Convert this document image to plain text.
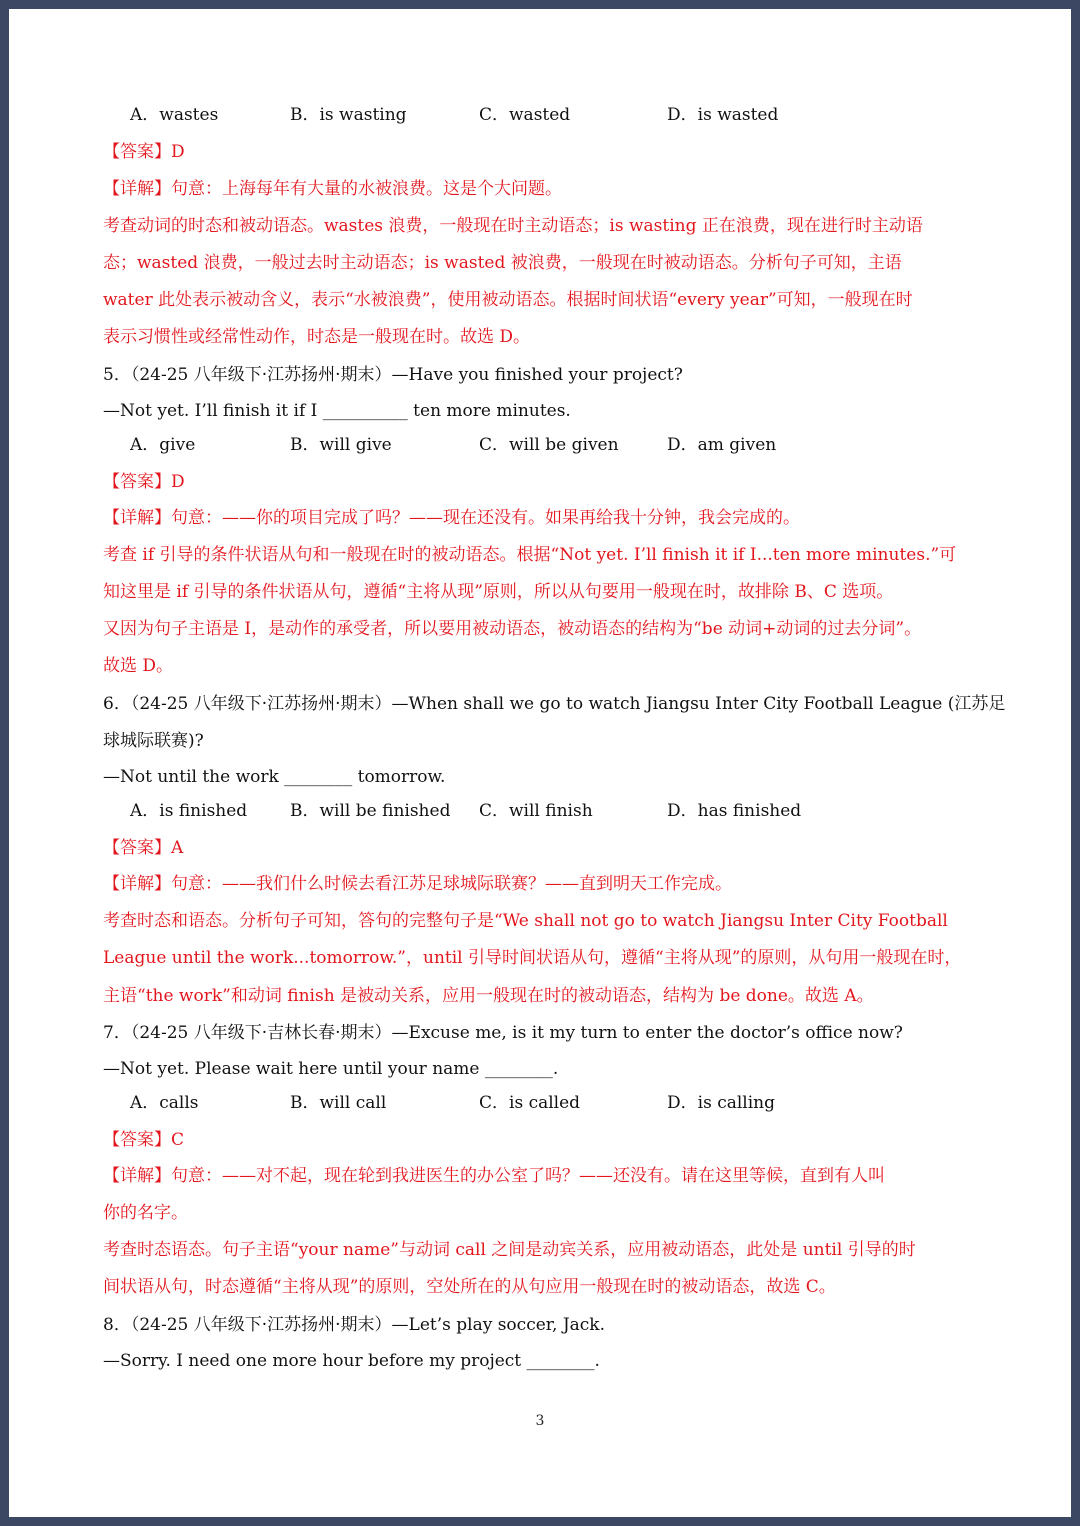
A．wastes	B．is wasting	C．wasted	D．is wasted
【答案】D
【详解】句意：上海每年有大量的水被浪费。这是个大问题。
考查动词的时态和被动语态。wastes 浪费，一般现在时主动语态；is wasting 正在浪费，现在进行时主动语
态；wasted 浪费，一般过去时主动语态；is wasted 被浪费，一般现在时被动语态。分析句子可知，主语
water 此处表示被动含义，表示“水被浪费”，使用被动语态。根据时间状语“every year”可知，一般现在时
表示习惯性或经常性动作，时态是一般现在时。故选 D。
5．（24-25 八年级下·江苏扬州·期末）—Have you finished your project?
—Not yet. I’ll finish it if I __________ ten more minutes.
A．give	B．will give	C．will be given	D．am given
【答案】D
【详解】句意：——你的项目完成了吗？——现在还没有。如果再给我十分钟，我会完成的。
考查 if 引导的条件状语从句和一般现在时的被动语态。根据“Not yet. I’ll finish it if I...ten more minutes.”可
知这里是 if 引导的条件状语从句，遵循“主将从现”原则，所以从句要用一般现在时，故排除 B、C 选项。
又因为句子主语是 I，是动作的承受者，所以要用被动语态，被动语态的结构为“be 动词+动词的过去分词”。
故选 D。
6．（24-25 八年级下·江苏扬州·期末）—When shall we go to watch Jiangsu Inter City Football League (江苏足
球城际联赛)?
—Not until the work ________ tomorrow.
A．is finished	B．will be finished C．will finish	D．has finished
【答案】A
【详解】句意：——我们什么时候去看江苏足球城际联赛？——直到明天工作完成。
考查时态和语态。分析句子可知，答句的完整句子是“We shall not go to watch Jiangsu Inter City Football
League until the work...tomorrow.”，until 引导时间状语从句，遵循“主将从现”的原则，从句用一般现在时，
主语“the work”和动词 finish 是被动关系，应用一般现在时的被动语态，结构为 be done。故选 A。
7．（24-25 八年级下·吉林长春·期末）—Excuse me, is it my turn to enter the doctor’s office now?
—Not yet. Please wait here until your name ________.
A．calls	B．will call	C．is called	D．is calling
【答案】C
【详解】句意：——对不起，现在轮到我进医生的办公室了吗？——还没有。请在这里等候，直到有人叫
你的名字。
考查时态语态。句子主语“your name”与动词 call 之间是动宾关系，应用被动语态，此处是 until 引导的时
间状语从句，时态遵循“主将从现”的原则，空处所在的从句应用一般现在时的被动语态，故选 C。
8．（24-25 八年级下·江苏扬州·期末）—Let’s play soccer, Jack.
—Sorry. I need one more hour before my project ________.
3
